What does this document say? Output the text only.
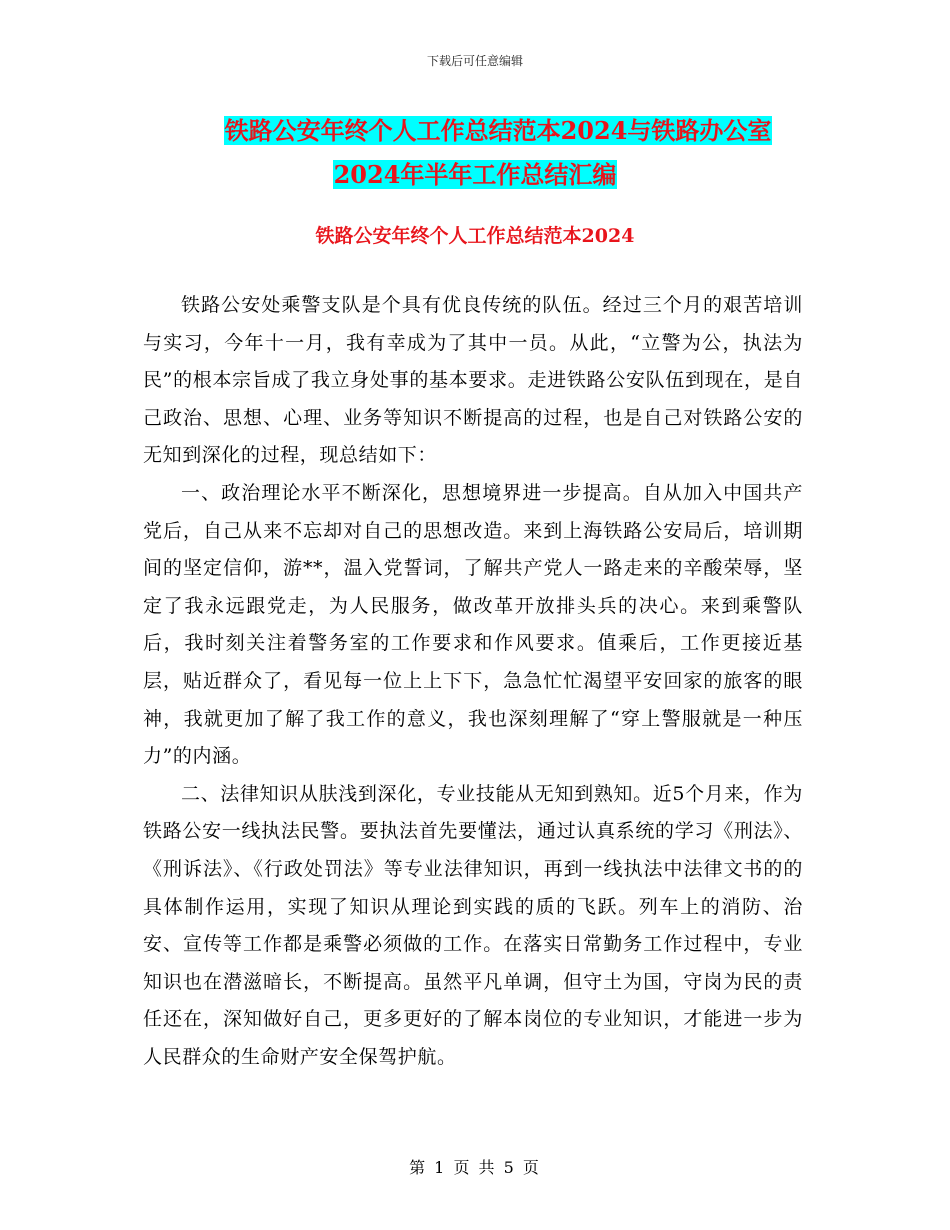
下载后可任意编辑
铁路公安年终个人工作总结范本2024与铁路办公室
2024年半年工作总结汇编
铁路公安年终个人工作总结范本2024

铁路公安处乘警支队是个具有优良传统的队伍。经过三个月的艰苦培训与实习，今年十一月，我有幸成为了其中一员。从此，“立警为公，执法为民”的根本宗旨成了我立身处事的基本要求。走进铁路公安队伍到现在，是自己政治、思想、心理、业务等知识不断提高的过程，也是自己对铁路公安的无知到深化的过程，现总结如下：

一、政治理论水平不断深化，思想境界进一步提高。自从加入中国共产党后，自己从来不忘却对自己的思想改造。来到上海铁路公安局后，培训期间的坚定信仰，游**，温入党誓词，了解共产党人一路走来的辛酸荣辱，坚定了我永远跟党走，为人民服务，做改革开放排头兵的决心。来到乘警队后，我时刻关注着警务室的工作要求和作风要求。值乘后，工作更接近基层，贴近群众了，看见每一位上上下下，急急忙忙渴望平安回家的旅客的眼神，我就更加了解了我工作的意义，我也深刻理解了“穿上警服就是一种压力”的内涵。

二、法律知识从肤浅到深化，专业技能从无知到熟知。近5个月来，作为铁路公安一线执法民警。要执法首先要懂法，通过认真系统的学习《刑法》、《刑诉法》、《行政处罚法》等专业法律知识，再到一线执法中法律文书的的具体制作运用，实现了知识从理论到实践的质的飞跃。列车上的消防、治安、宣传等工作都是乘警必须做的工作。在落实日常勤务工作过程中，专业知识也在潜滋暗长，不断提高。虽然平凡单调，但守土为国，守岗为民的责任还在，深知做好自己，更多更好的了解本岗位的专业知识，才能进一步为人民群众的生命财产安全保驾护航。

第 1 页 共 5 页
